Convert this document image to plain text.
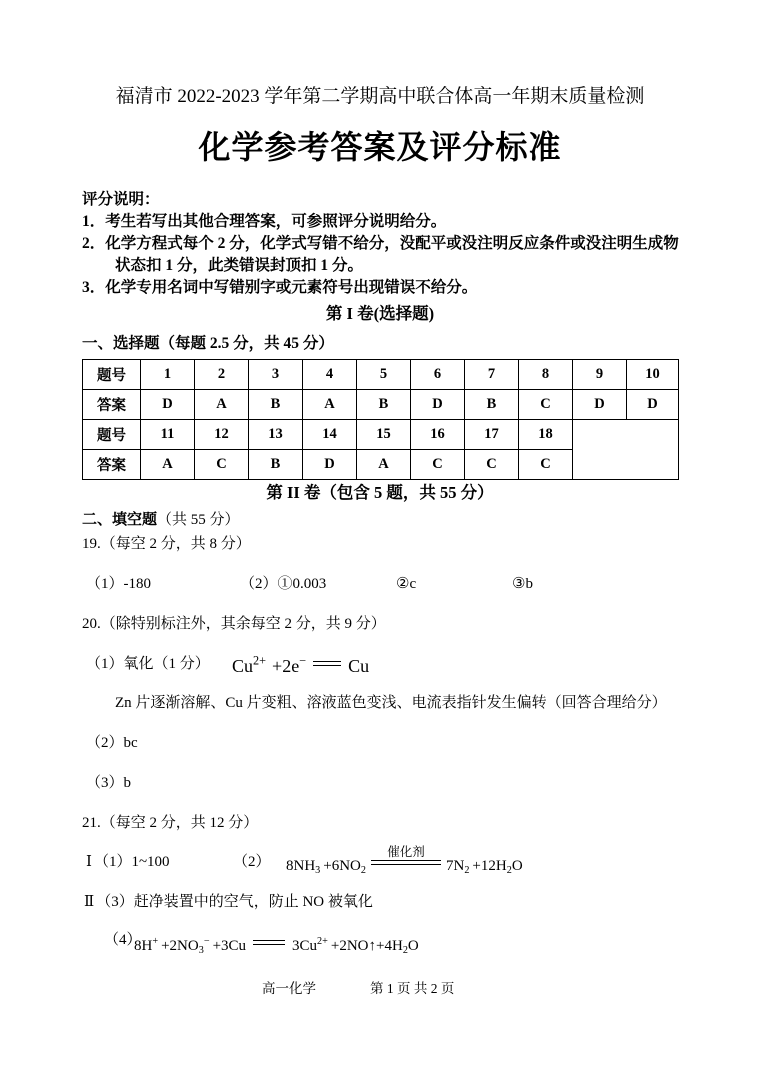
福清市 2022-2023 学年第二学期高中联合体高一年期末质量检测
化学参考答案及评分标准
评分说明：
1．考生若写出其他合理答案，可参照评分说明给分。
2．化学方程式每个 2 分，化学式写错不给分，没配平或没注明反应条件或没注明生成物
状态扣 1 分，此类错误封顶扣 1 分。
3．化学专用名词中写错别字或元素符号出现错误不给分。
第 I 卷(选择题)
一、选择题（每题 2.5 分，共 45 分）
题号	1	2	3	4	5	6	7	8	9	10
答案	D	A	B	A	B	D	B	C	D	D
题号	11	12	13	14	15	16	17	18		
答案	A	C	B	D	A	C	C	C		
第 II 卷（包含 5 题，共 55 分）
二、填空题（共 55 分）
19.（每空 2 分，共 8 分）
（1）-180	（2）①0.003	②c	③b
20.（除特别标注外，其余每空 2 分，共 9 分）
（1）氧化（1 分） $Cu^{2+} +2e^-$ Cu
Zn 片逐渐溶解、Cu 片变粗、溶液蓝色变浅、电流表指针发生偏转（回答合理给分）
（2）bc
（3）b
21.（每空 2 分，共 12 分）
Ⅰ （1）1~100	（2） $8NH_3 +6NO_2$
催化剂
$7N_2 +12H_2O$
Ⅱ （3）赶净装置中的空气，防止 NO 被氧化
（4）
$8H^+ +2NO_3^- +3Cu$	$3Cu^{2+}$ $+2NO↑+4H_2O$
高一化学	第 1 页 共 2 页
